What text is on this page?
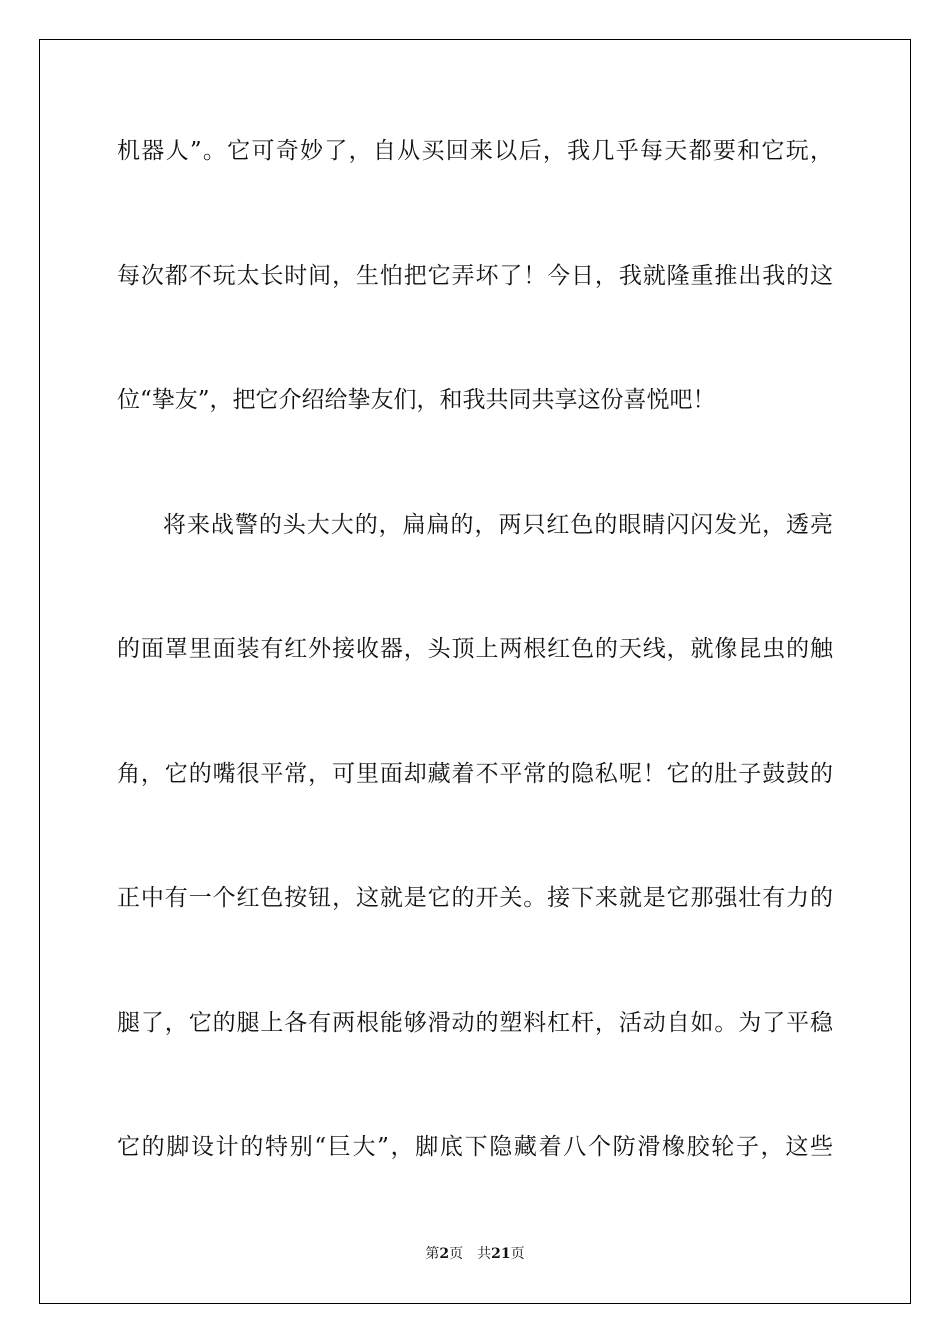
机器人”。它可奇妙了，自从买回来以后，我几乎每天都要和它玩，
每次都不玩太长时间，生怕把它弄坏了！今日，我就隆重推出我的这
位“挚友”，把它介绍给挚友们，和我共同共享这份喜悦吧！
将来战警的头大大的，扁扁的，两只红色的眼睛闪闪发光，透亮
的面罩里面装有红外接收器，头顶上两根红色的天线，就像昆虫的触
角，它的嘴很平常，可里面却藏着不平常的隐私呢！它的肚子鼓鼓的
正中有一个红色按钮，这就是它的开关。接下来就是它那强壮有力的
腿了，它的腿上各有两根能够滑动的塑料杠杆，活动自如。为了平稳
它的脚设计的特别“巨大”，脚底下隐藏着八个防滑橡胶轮子，这些
第2页 共21页
